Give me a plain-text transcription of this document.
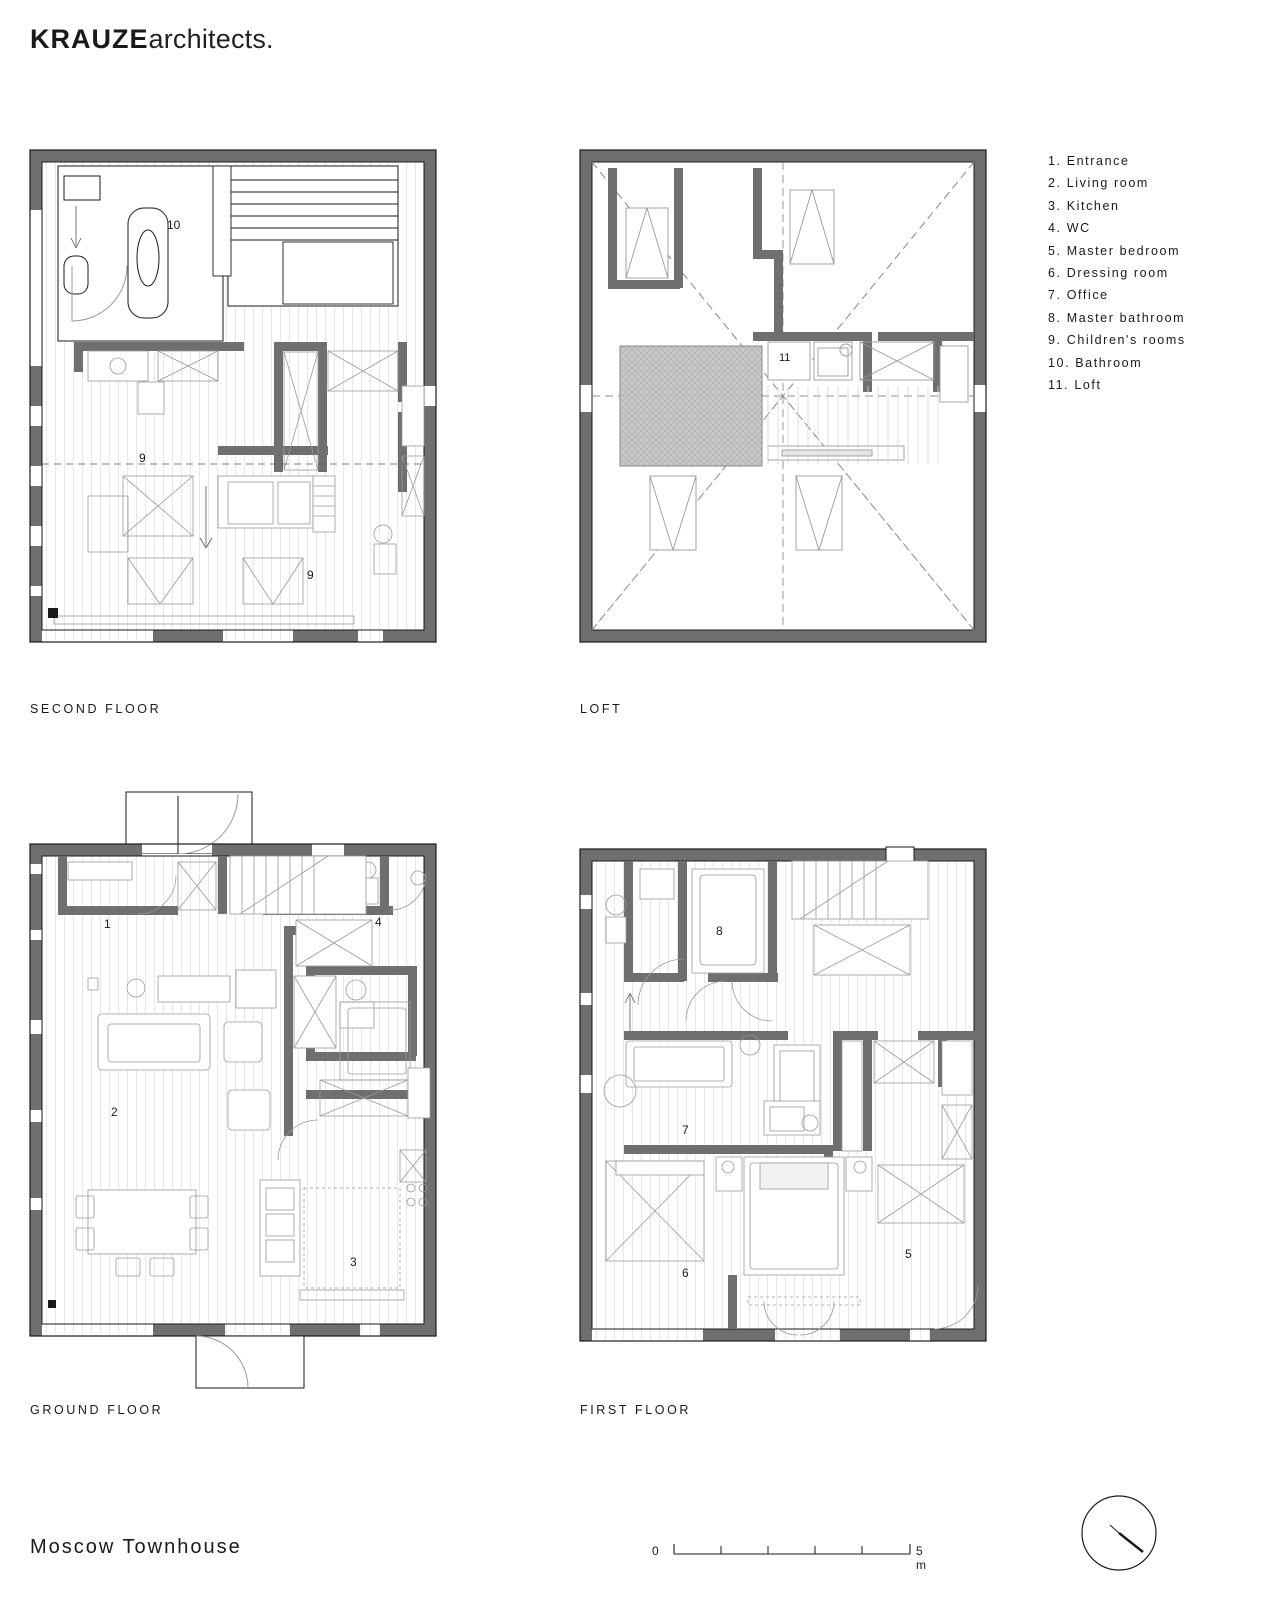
KRAUZEarchitects.
1. Entrance
2. Living room
3. Kitchen
4. WC
5. Master bedroom
6. Dressing room
7. Office
8. Master bathroom
9. Children's rooms
10. Bathroom
11. Loft
SECOND FLOOR
10
9
9
LOFT
11
GROUND FLOOR
1	4
2
3
FIRST FLOOR
8
7
5
6
Moscow Townhouse	0	5 m
